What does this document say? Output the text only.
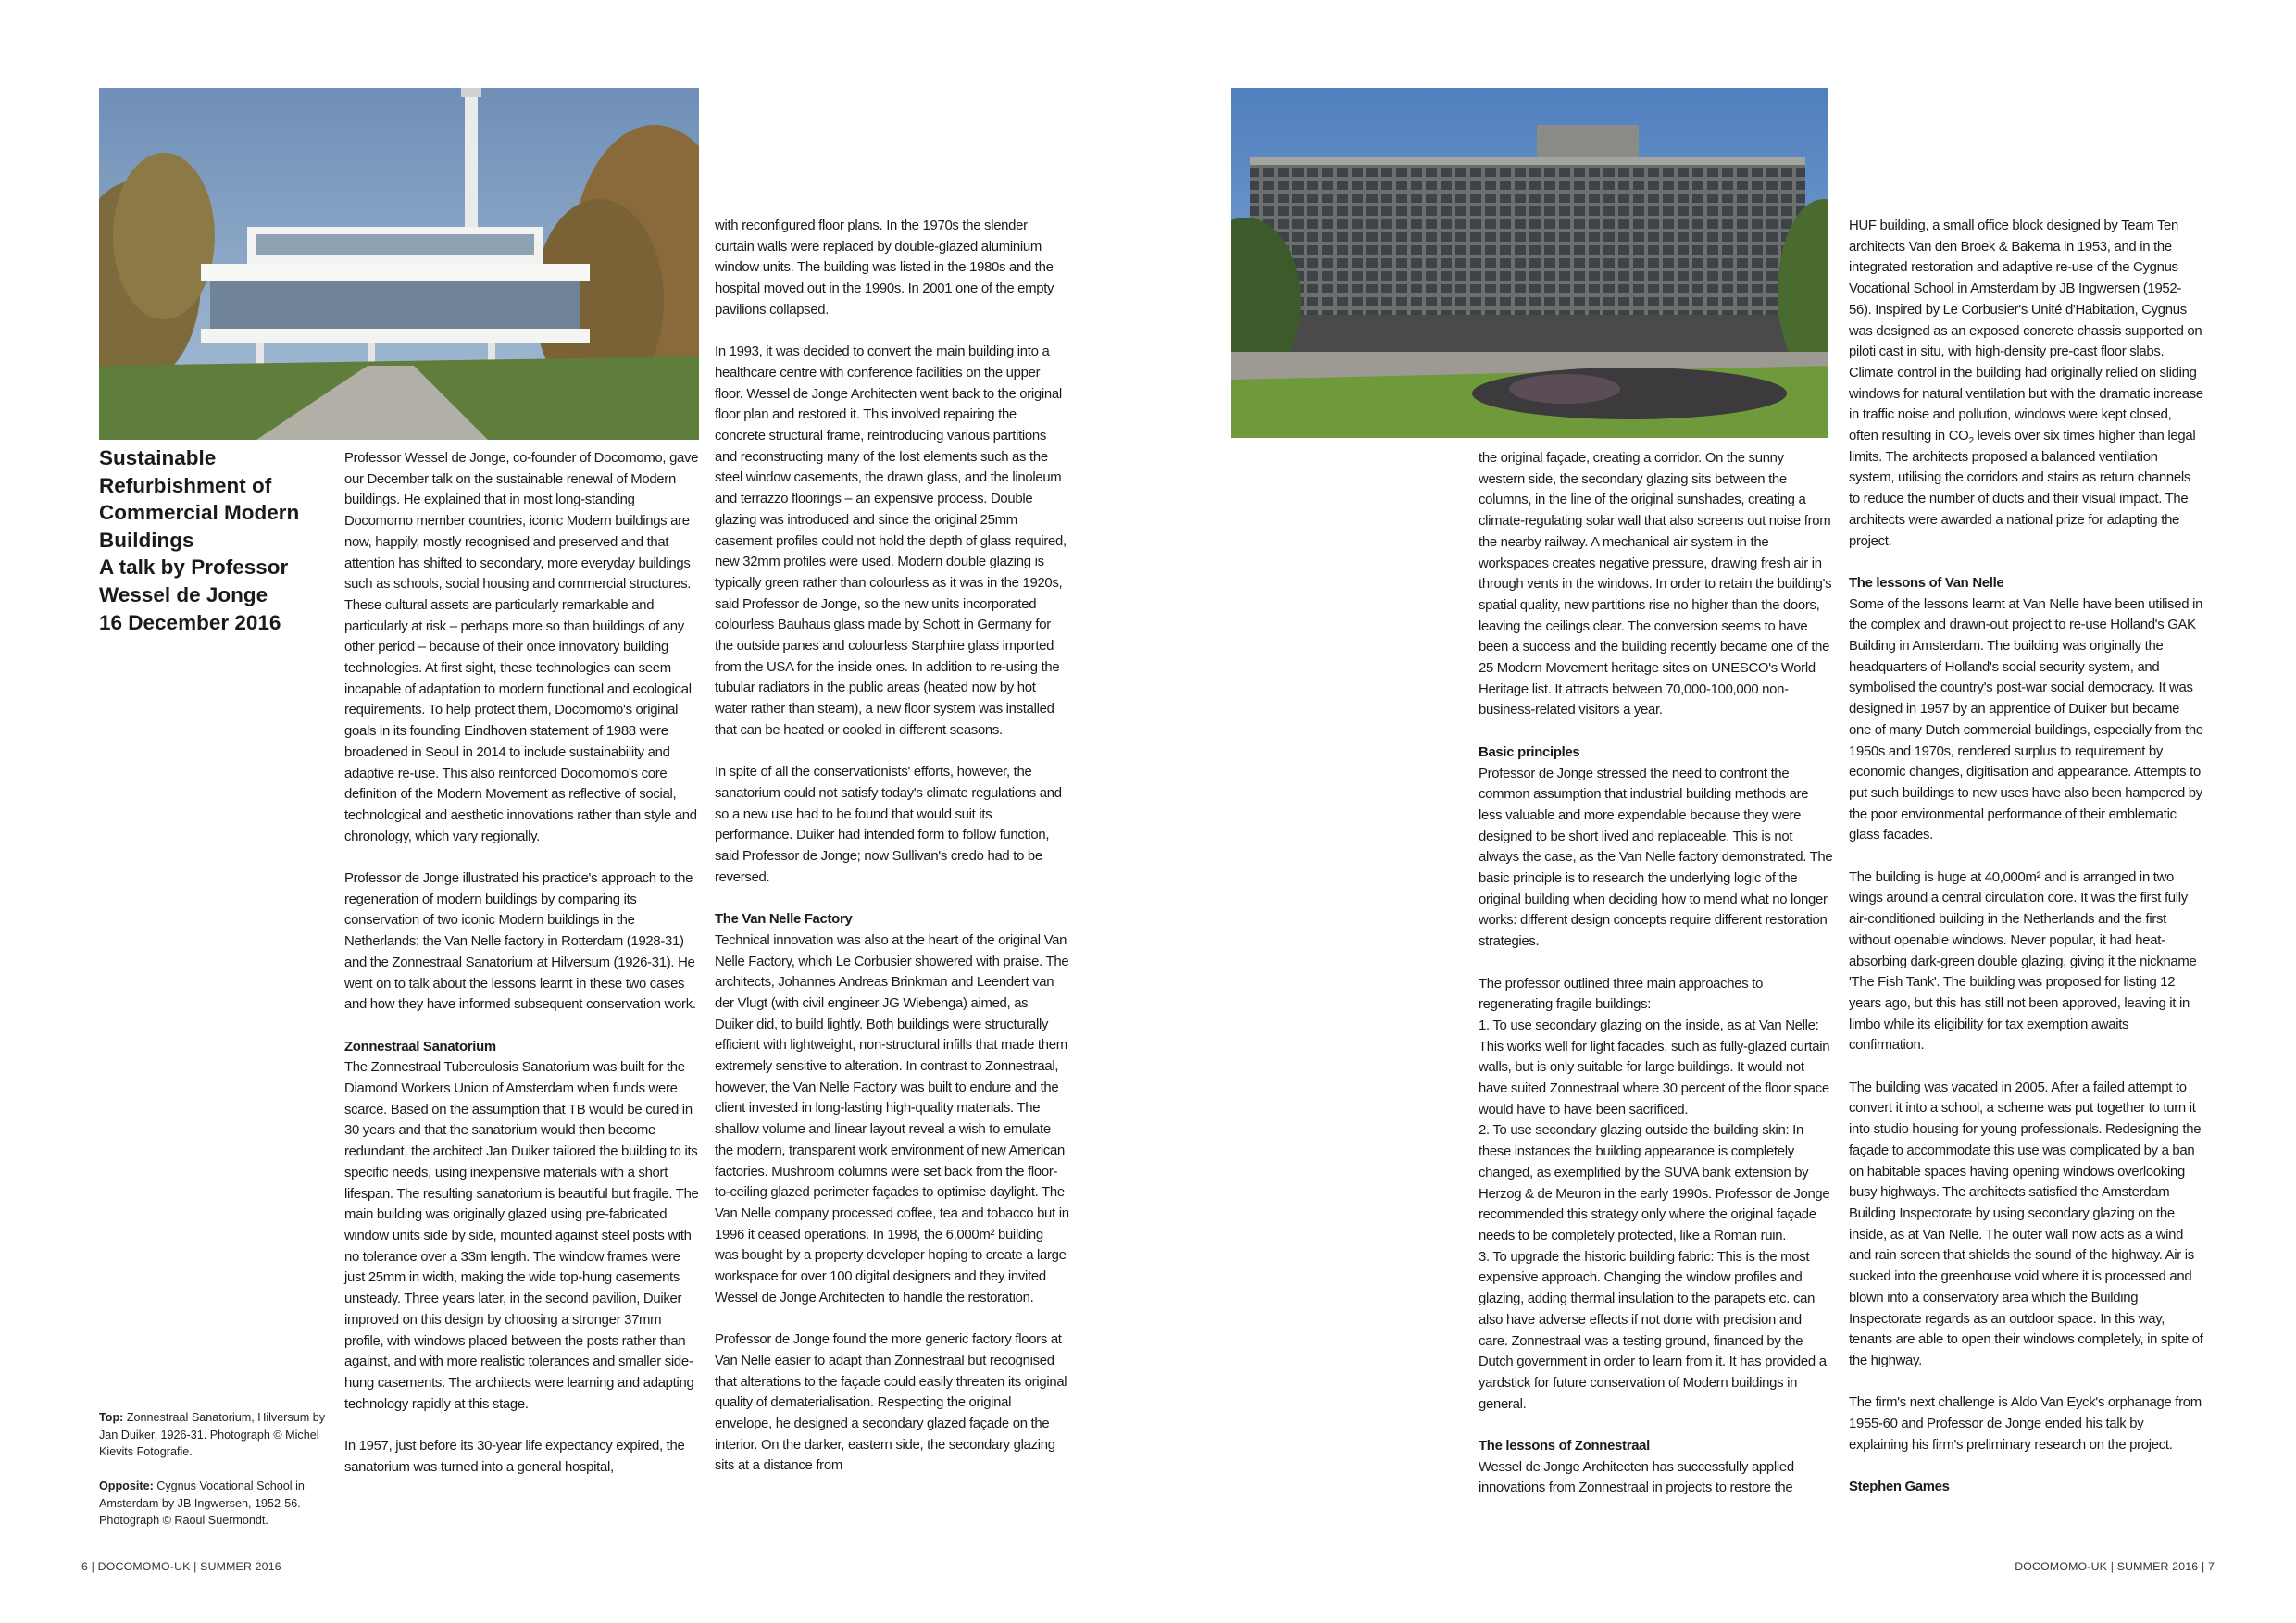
Sustainable
Refurbishment of
Commercial Modern
Buildings
A talk by Professor
Wessel de Jonge
16 December 2016
Top: Zonnestraal Sanatorium, Hilversum by Jan Duiker, 1926-31. Photograph © Michel Kievits Fotografie.
Opposite: Cygnus Vocational School in Amsterdam by JB Ingwersen, 1952-56. Photograph © Raoul Suermondt.

Professor Wessel de Jonge, co-founder of Docomomo, gave our December talk on the sustainable renewal of Modern buildings. He explained that in most long-standing Docomomo member countries, iconic Modern buildings are now, happily, mostly recognised and preserved and that attention has shifted to secondary, more everyday buildings such as schools, social housing and commercial structures. These cultural assets are particularly remarkable and particularly at risk – perhaps more so than buildings of any other period – because of their once innovatory building technologies. At first sight, these technologies can seem incapable of adaptation to modern functional and ecological requirements. To help protect them, Docomomo's original goals in its founding Eindhoven statement of 1988 were broadened in Seoul in 2014 to include sustainability and adaptive re-use. This also reinforced Docomomo's core definition of the Modern Movement as reflective of social, technological and aesthetic innovations rather than style and chronology, which vary regionally.

Professor de Jonge illustrated his practice's approach to the regeneration of modern buildings by comparing its conservation of two iconic Modern buildings in the Netherlands: the Van Nelle factory in Rotterdam (1928-31) and the Zonnestraal Sanatorium at Hilversum (1926-31). He went on to talk about the lessons learnt in these two cases and how they have informed subsequent conservation work.

Zonnestraal Sanatorium

The Zonnestraal Tuberculosis Sanatorium was built for the Diamond Workers Union of Amsterdam when funds were scarce. Based on the assumption that TB would be cured in 30 years and that the sanatorium would then become redundant, the architect Jan Duiker tailored the building to its specific needs, using inexpensive materials with a short lifespan. The resulting sanatorium is beautiful but fragile. The main building was originally glazed using pre-fabricated window units side by side, mounted against steel posts with no tolerance over a 33m length. The window frames were just 25mm in width, making the wide top-hung casements unsteady. Three years later, in the second pavilion, Duiker improved on this design by choosing a stronger 37mm profile, with windows placed between the posts rather than against, and with more realistic tolerances and smaller side-hung casements. The architects were learning and adapting technology rapidly at this stage.

In 1957, just before its 30-year life expectancy expired, the sanatorium was turned into a general hospital,

with reconfigured floor plans. In the 1970s the slender curtain walls were replaced by double-glazed aluminium window units. The building was listed in the 1980s and the hospital moved out in the 1990s. In 2001 one of the empty pavilions collapsed.

In 1993, it was decided to convert the main building into a healthcare centre with conference facilities on the upper floor. Wessel de Jonge Architecten went back to the original floor plan and restored it. This involved repairing the concrete structural frame, reintroducing various partitions and reconstructing many of the lost elements such as the steel window casements, the drawn glass, and the linoleum and terrazzo floorings – an expensive process. Double glazing was introduced and since the original 25mm casement profiles could not hold the depth of glass required, new 32mm profiles were used. Modern double glazing is typically green rather than colourless as it was in the 1920s, said Professor de Jonge, so the new units incorporated colourless Bauhaus glass made by Schott in Germany for the outside panes and colourless Starphire glass imported from the USA for the inside ones. In addition to re-using the tubular radiators in the public areas (heated now by hot water rather than steam), a new floor system was installed that can be heated or cooled in different seasons.

In spite of all the conservationists' efforts, however, the sanatorium could not satisfy today's climate regulations and so a new use had to be found that would suit its performance. Duiker had intended form to follow function, said Professor de Jonge; now Sullivan's credo had to be reversed.

The Van Nelle Factory

Technical innovation was also at the heart of the original Van Nelle Factory, which Le Corbusier showered with praise. The architects, Johannes Andreas Brinkman and Leendert van der Vlugt (with civil engineer JG Wiebenga) aimed, as Duiker did, to build lightly. Both buildings were structurally efficient with lightweight, non-structural infills that made them extremely sensitive to alteration. In contrast to Zonnestraal, however, the Van Nelle Factory was built to endure and the client invested in long-lasting high-quality materials. The shallow volume and linear layout reveal a wish to emulate the modern, transparent work environment of new American factories. Mushroom columns were set back from the floor-to-ceiling glazed perimeter façades to optimise daylight. The Van Nelle company processed coffee, tea and tobacco but in 1996 it ceased operations. In 1998, the 6,000m² building was bought by a property developer hoping to create a large workspace for over 100 digital designers and they invited Wessel de Jonge Architecten to handle the restoration.

Professor de Jonge found the more generic factory floors at Van Nelle easier to adapt than Zonnestraal but recognised that alterations to the façade could easily threaten its original quality of dematerialisation. Respecting the original envelope, he designed a secondary glazed façade on the interior. On the darker, eastern side, the secondary glazing sits at a distance from

the original façade, creating a corridor. On the sunny western side, the secondary glazing sits between the columns, in the line of the original sunshades, creating a climate-regulating solar wall that also screens out noise from the nearby railway. A mechanical air system in the workspaces creates negative pressure, drawing fresh air in through vents in the windows. In order to retain the building's spatial quality, new partitions rise no higher than the doors, leaving the ceilings clear. The conversion seems to have been a success and the building recently became one of the 25 Modern Movement heritage sites on UNESCO's World Heritage list. It attracts between 70,000-100,000 non-business-related visitors a year.

Basic principles

Professor de Jonge stressed the need to confront the common assumption that industrial building methods are less valuable and more expendable because they were designed to be short lived and replaceable. This is not always the case, as the Van Nelle factory demonstrated. The basic principle is to research the underlying logic of the original building when deciding how to mend what no longer works: different design concepts require different restoration strategies.

The professor outlined three main approaches to regenerating fragile buildings:

1. To use secondary glazing on the inside, as at Van Nelle: This works well for light facades, such as fully-glazed curtain walls, but is only suitable for large buildings. It would not have suited Zonnestraal where 30 percent of the floor space would have to have been sacrificed.
2. To use secondary glazing outside the building skin: In these instances the building appearance is completely changed, as exemplified by the SUVA bank extension by Herzog & de Meuron in the early 1990s. Professor de Jonge recommended this strategy only where the original façade needs to be completely protected, like a Roman ruin.

3. To upgrade the historic building fabric: This is the most expensive approach. Changing the window profiles and glazing, adding thermal insulation to the parapets etc. can also have adverse effects if not done with precision and care. Zonnestraal was a testing ground, financed by the Dutch government in order to learn from it. It has provided a yardstick for future conservation of Modern buildings in general.

The lessons of Zonnestraal

Wessel de Jonge Architecten has successfully applied innovations from Zonnestraal in projects to restore the

HUF building, a small office block designed by Team Ten architects Van den Broek & Bakema in 1953, and in the integrated restoration and adaptive re-use of the Cygnus Vocational School in Amsterdam by JB Ingwersen (1952-56). Inspired by Le Corbusier's Unité d'Habitation, Cygnus was designed as an exposed concrete chassis supported on piloti cast in situ, with high-density pre-cast floor slabs. Climate control in the building had originally relied on sliding windows for natural ventilation but with the dramatic increase in traffic noise and pollution, windows were kept closed, often resulting in $CO_2$ levels over six times higher than legal limits. The architects proposed a balanced ventilation system, utilising the corridors and stairs as return channels to reduce the number of ducts and their visual impact. The architects were awarded a national prize for adapting the project.

The lessons of Van Nelle

Some of the lessons learnt at Van Nelle have been utilised in the complex and drawn-out project to re-use Holland's GAK Building in Amsterdam. The building was originally the headquarters of Holland's social security system, and symbolised the country's post-war social democracy. It was designed in 1957 by an apprentice of Duiker but became one of many Dutch commercial buildings, especially from the 1950s and 1970s, rendered surplus to requirement by economic changes, digitisation and appearance. Attempts to put such buildings to new uses have also been hampered by the poor environmental performance of their emblematic glass facades.

The building is huge at 40,000m² and is arranged in two wings around a central circulation core. It was the first fully air-conditioned building in the Netherlands and the first without openable windows. Never popular, it had heat-absorbing dark-green double glazing, giving it the nickname 'The Fish Tank'. The building was proposed for listing 12 years ago, but this has still not been approved, leaving it in limbo while its eligibility for tax exemption awaits confirmation.

The building was vacated in 2005. After a failed attempt to convert it into a school, a scheme was put together to turn it into studio housing for young professionals. Redesigning the façade to accommodate this use was complicated by a ban on habitable spaces having opening windows overlooking busy highways. The architects satisfied the Amsterdam Building Inspectorate by using secondary glazing on the inside, as at Van Nelle. The outer wall now acts as a wind and rain screen that shields the sound of the highway. Air is sucked into the greenhouse void where it is processed and blown into a conservatory area which the Building Inspectorate regards as an outdoor space. In this way, tenants are able to open their windows completely, in spite of the highway.

The firm's next challenge is Aldo Van Eyck's orphanage from 1955-60 and Professor de Jonge ended his talk by explaining his firm's preliminary research on the project.

Stephen Games
6 | DOCOMOMO-UK | SUMMER 2016	DOCOMOMO-UK | SUMMER 2016 | 7
